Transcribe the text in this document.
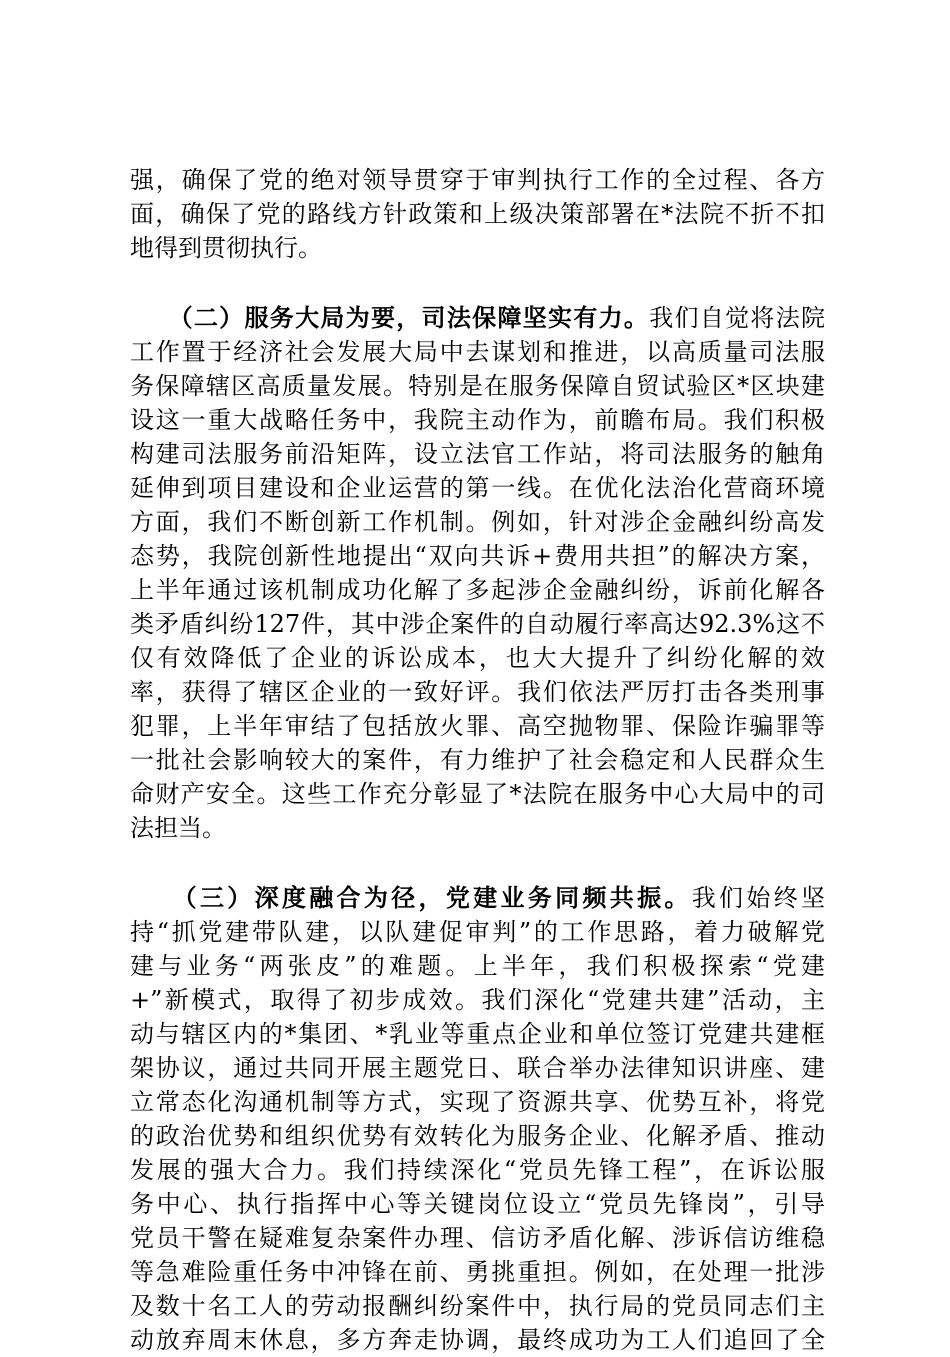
强，确保了党的绝对领导贯穿于审判执行工作的全过程、各方
面，确保了党的路线方针政策和上级决策部署在*法院不折不扣
地得到贯彻执行。
　　（二）服务大局为要，司法保障坚实有力。我们自觉将法院
工作置于经济社会发展大局中去谋划和推进，以高质量司法服
务保障辖区高质量发展。特别是在服务保障自贸试验区*区块建
设这一重大战略任务中，我院主动作为，前瞻布局。我们积极
构建司法服务前沿矩阵，设立法官工作站，将司法服务的触角
延伸到项目建设和企业运营的第一线。在优化法治化营商环境
方面，我们不断创新工作机制。例如，针对涉企金融纠纷高发
态势，我院创新性地提出“双向共诉+费用共担”的解决方案，
上半年通过该机制成功化解了多起涉企金融纠纷，诉前化解各
类矛盾纠纷127件，其中涉企案件的自动履行率高达92.3%这不
仅有效降低了企业的诉讼成本，也大大提升了纠纷化解的效
率，获得了辖区企业的一致好评。我们依法严厉打击各类刑事
犯罪，上半年审结了包括放火罪、高空抛物罪、保险诈骗罪等
一批社会影响较大的案件，有力维护了社会稳定和人民群众生
命财产安全。这些工作充分彰显了*法院在服务中心大局中的司
法担当。
　　（三）深度融合为径，党建业务同频共振。我们始终坚
持“抓党建带队建，以队建促审判”的工作思路，着力破解党
建与业务“两张皮”的难题。上半年，我们积极探索“党建
+”新模式，取得了初步成效。我们深化“党建共建”活动，主
动与辖区内的*集团、*乳业等重点企业和单位签订党建共建框
架协议，通过共同开展主题党日、联合举办法律知识讲座、建
立常态化沟通机制等方式，实现了资源共享、优势互补，将党
的政治优势和组织优势有效转化为服务企业、化解矛盾、推动
发展的强大合力。我们持续深化“党员先锋工程”，在诉讼服
务中心、执行指挥中心等关键岗位设立“党员先锋岗”，引导
党员干警在疑难复杂案件办理、信访矛盾化解、涉诉信访维稳
等急难险重任务中冲锋在前、勇挑重担。例如，在处理一批涉
及数十名工人的劳动报酬纠纷案件中，执行局的党员同志们主
动放弃周末休息，多方奔走协调，最终成功为工人们追回了全
